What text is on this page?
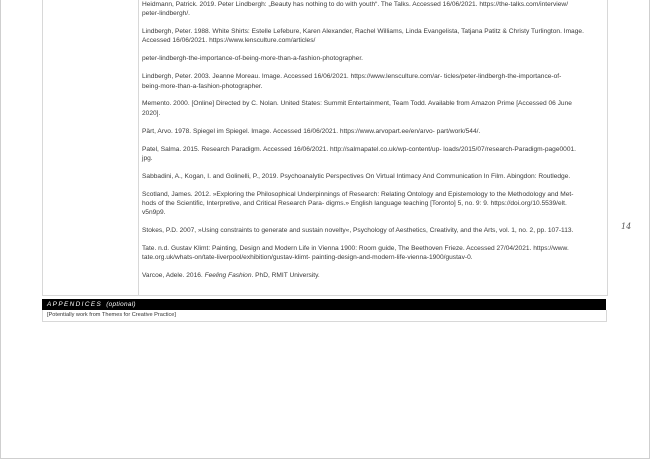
Heidmann, Patrick. 2019. Peter Lindbergh: „Beauty has nothing to do with youth“. The Talks. Accessed 16/06/2021. https://the-talks.com/interview/
peter-lindbergh/.

Lindbergh, Peter. 1988. White Shirts: Estelle Lefebure, Karen Alexander, Rachel Williams, Linda Evangelista, Tatjana Patitz & Christy Turlington. Image.
Accessed 16/06/2021. https://www.lensculture.com/articles/

peter-lindbergh-the-importance-of-being-more-than-a-fashion-photographer.

Lindbergh, Peter. 2003. Jeanne Moreau. Image. Accessed 16/06/2021. https://www.lensculture.com/ar- ticles/peter-lindbergh-the-importance-of-
being-more-than-a-fashion-photographer.

Memento. 2000. [Online] Directed by C. Nolan. United States: Summit Entertainment, Team Todd. Available from Amazon Prime [Accessed 06 June
2020].

Pärt, Arvo. 1978. Spiegel im Spiegel. Image. Accessed 16/06/2021. https://www.arvopart.ee/en/arvo- part/work/544/.

Patel, Salma. 2015. Research Paradigm. Accessed 16/06/2021. http://salmapatel.co.uk/wp-content/up- loads/2015/07/research-Paradigm-page0001.
jpg.

Sabbadini, A., Kogan, I. and Golinelli, P., 2019. Psychoanalytic Perspectives On Virtual Intimacy And Communication In Film. Abingdon: Routledge.

Scotland, James. 2012. »Exploring the Philosophical Underpinnings of Research: Relating Ontology and Epistemology to the Methodology and Met-
hods of the Scientific, Interpretive, and Critical Research Para- digms.» English language teaching [Toronto] 5, no. 9: 9. https://doi.org/10.5539/elt.
v5n9p9.

Stokes, P.D. 2007, »Using constraints to generate and sustain novelty«, Psychology of Aesthetics, Creativity, and the Arts, vol. 1, no. 2, pp. 107-113.

Tate. n.d. Gustav Klimt: Painting, Design and Modern Life in Vienna 1900: Room guide, The Beethoven Frieze. Accessed 27/04/2021. https://www.
tate.org.uk/whats-on/tate-liverpool/exhibition/gustav-klimt- painting-design-and-modern-life-vienna-1900/gustav-0.

Varcoe, Adele. 2016. Feeling Fashion. PhD, RMIT University.

14
APPENDICES (optional)
[Potentially work from Themes for Creative Practice]
